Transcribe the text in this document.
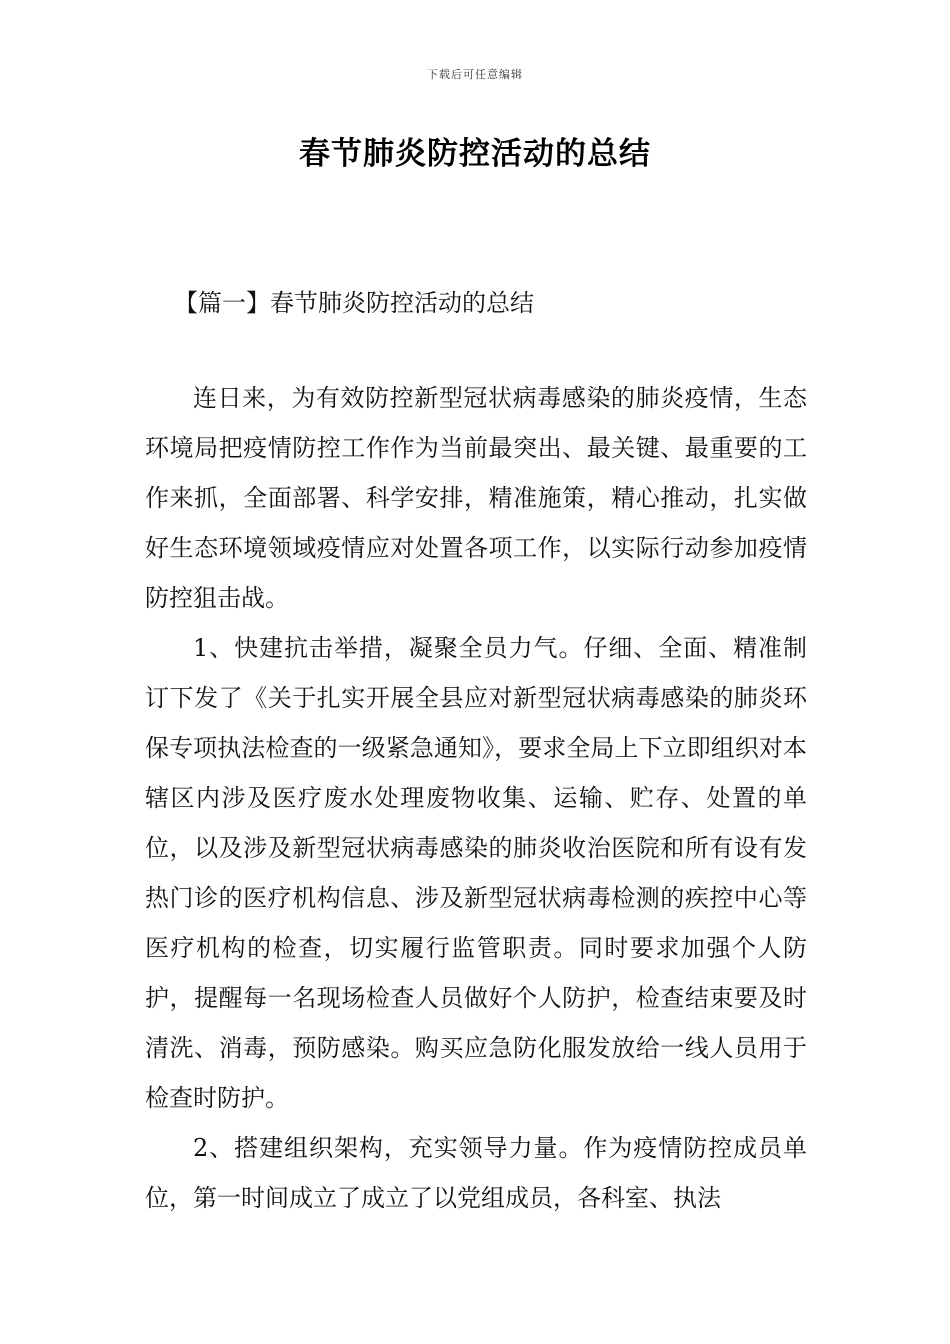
下载后可任意编辑
春节肺炎防控活动的总结
【篇一】春节肺炎防控活动的总结

连日来，为有效防控新型冠状病毒感染的肺炎疫情，生态环境局把疫情防控工作作为当前最突出、最关键、最重要的工作来抓，全面部署、科学安排，精准施策，精心推动，扎实做好生态环境领域疫情应对处置各项工作，以实际行动参加疫情防控狙击战。

1、快建抗击举措，凝聚全员力气。仔细、全面、精准制订下发了《关于扎实开展全县应对新型冠状病毒感染的肺炎环保专项执法检查的一级紧急通知》，要求全局上下立即组织对本辖区内涉及医疗废水处理废物收集、运输、贮存、处置的单位，以及涉及新型冠状病毒感染的肺炎收治医院和所有设有发热门诊的医疗机构信息、涉及新型冠状病毒检测的疾控中心等医疗机构的检查，切实履行监管职责。同时要求加强个人防护，提醒每一名现场检查人员做好个人防护，检查结束要及时清洗、消毒，预防感染。购买应急防化服发放给一线人员用于检查时防护。

2、搭建组织架构，充实领导力量。作为疫情防控成员单位，第一时间成立了成立了以党组成员，各科室、执法
